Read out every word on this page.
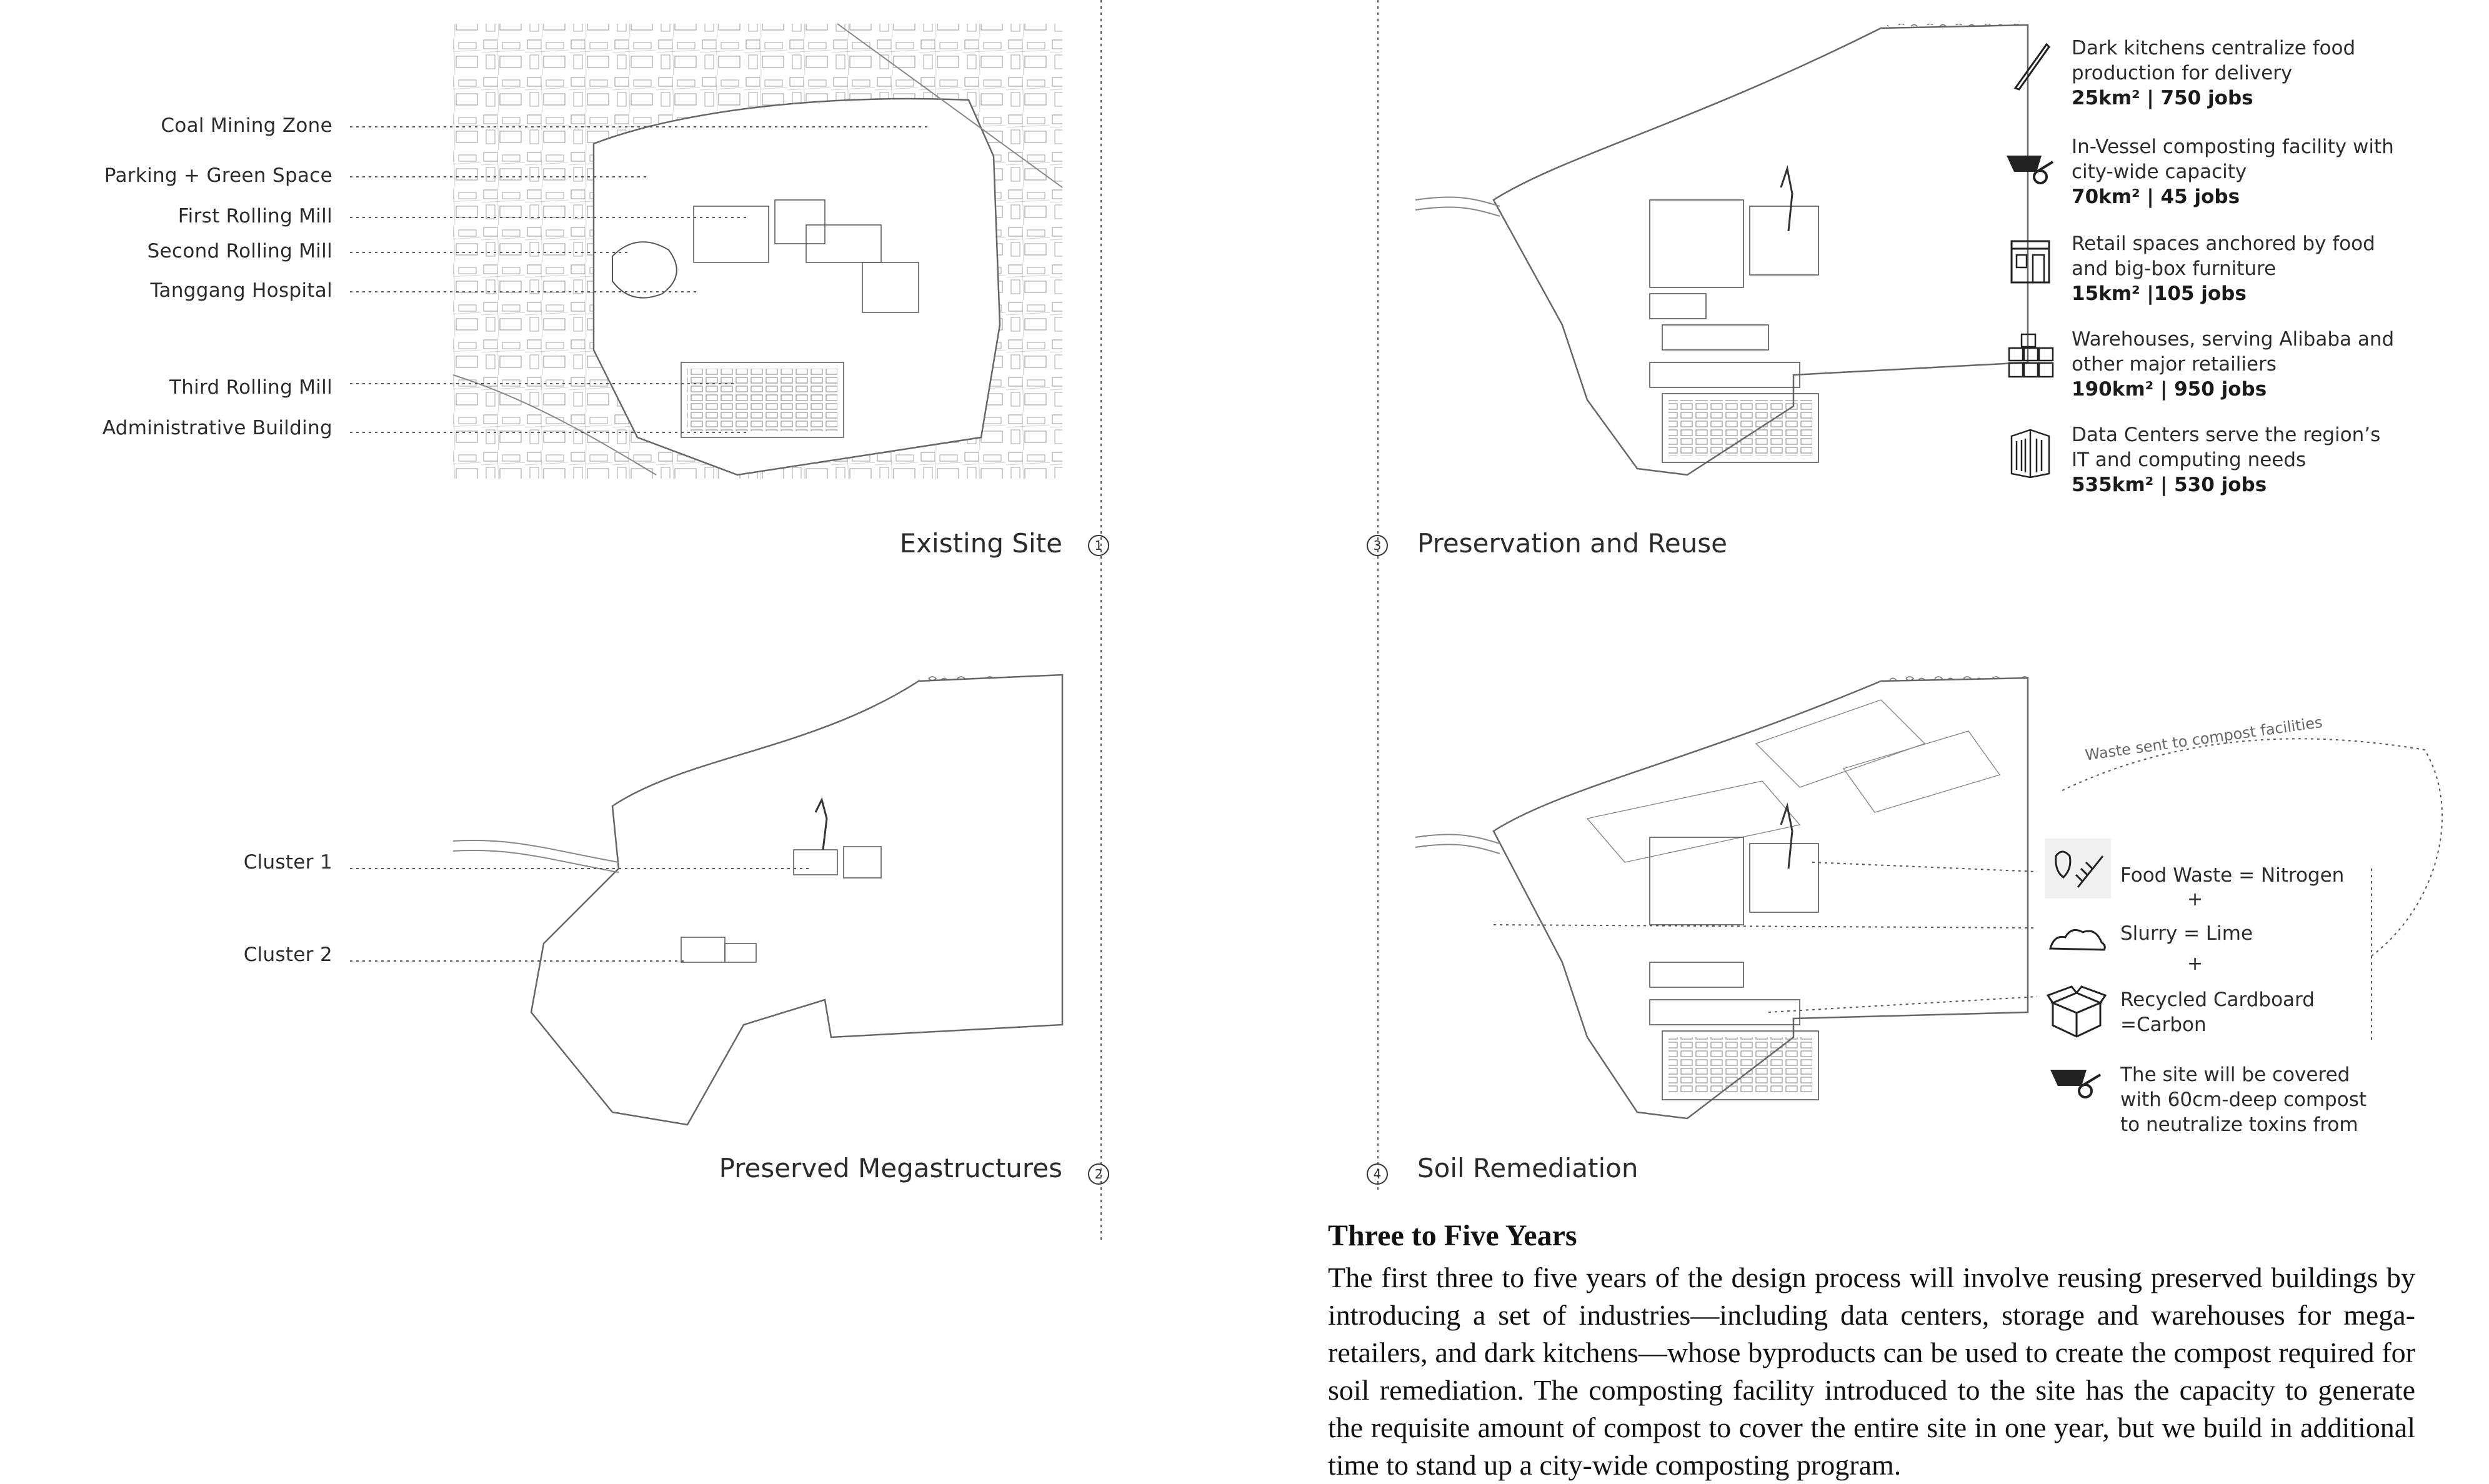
Coal Mining Zone
Parking + Green Space
First Rolling Mill
Second Rolling Mill
Tanggang Hospital
Third Rolling Mill
Administrative Building
Existing Site	1
Cluster 1
Cluster 2
Preserved Megastructures	2
3 Preservation and Reuse
Dark kitchens centralize food production for delivery
25km² | 750 jobs
In-Vessel composting facility with city-wide capacity
70km² | 45 jobs
Retail spaces anchored by food and big-box furniture
15km² |105 jobs
Warehouses, serving Alibaba and other major retailiers
190km² | 950 jobs
Data Centers serve the region’s IT and computing needs
535km² | 530 jobs
4 Soil Remediation
Waste sent to compost facilities
Food Waste = Nitrogen
+
Slurry = Lime
+
Recycled Cardboard
=Carbon
The site will be covered
with 60cm-deep compost
to neutralize toxins from
Three to Five Years
The first three to five years of the design process will involve reusing preserved buildings by introducing a set of industries—including data centers, storage and warehouses for mega-retailers, and dark kitchens—whose byproducts can be used to create the compost required for soil remediation. The composting facility introduced to the site has the capacity to generate the requisite amount of compost to cover the entire site in one year, but we build in additional time to stand up a city-wide composting program.
